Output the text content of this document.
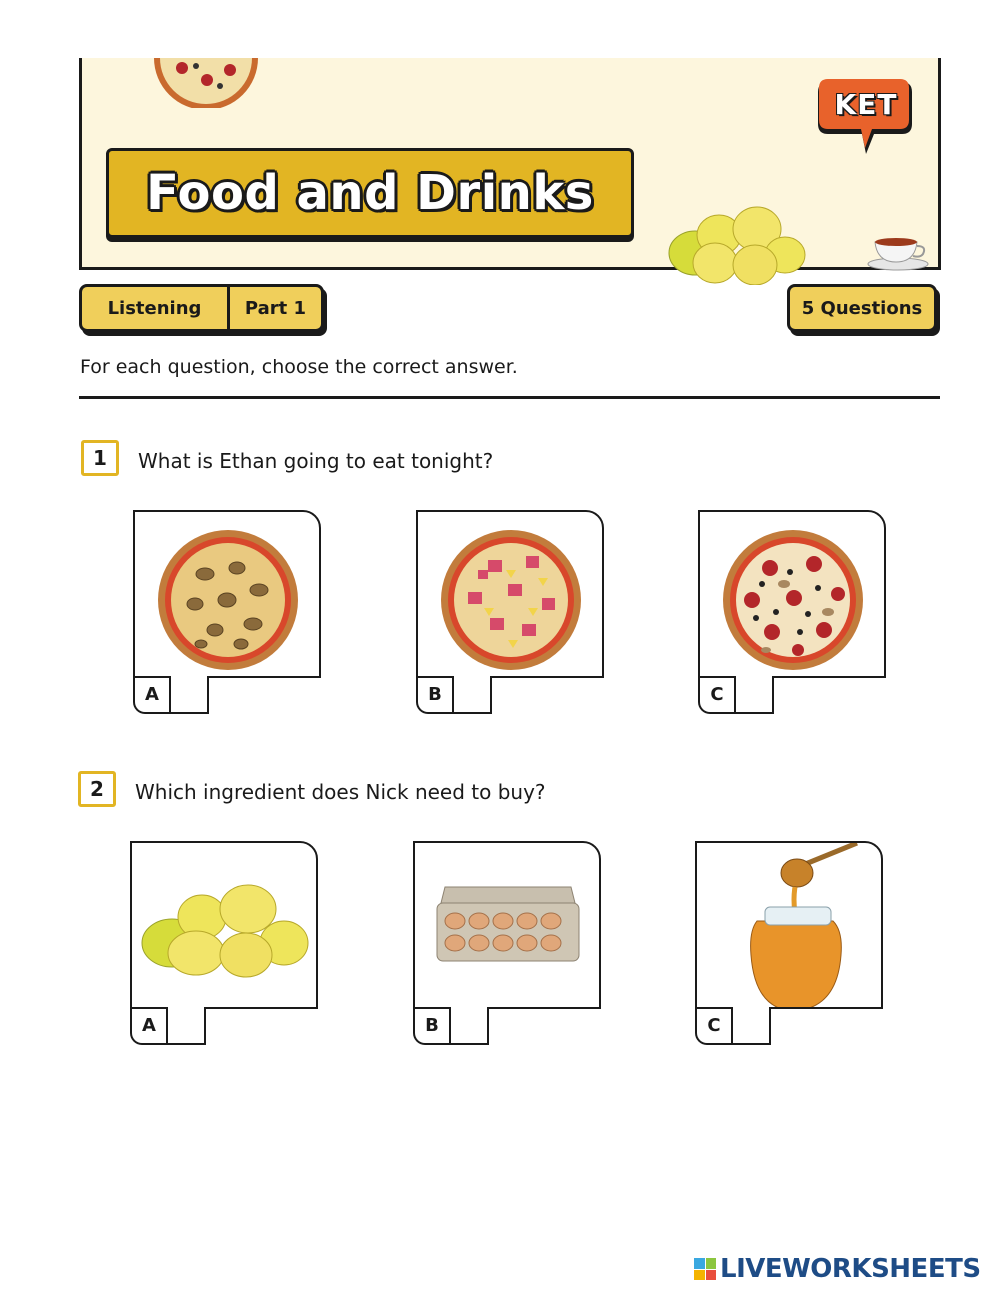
Food and Drinks
KET
Listening	Part 1	5 Questions
For each question, choose the correct answer.
1	What is Ethan going to eat tonight?
A	B	C
2	Which ingredient does Nick need to buy?
A	B	C
LIVEWORKSHEETS
